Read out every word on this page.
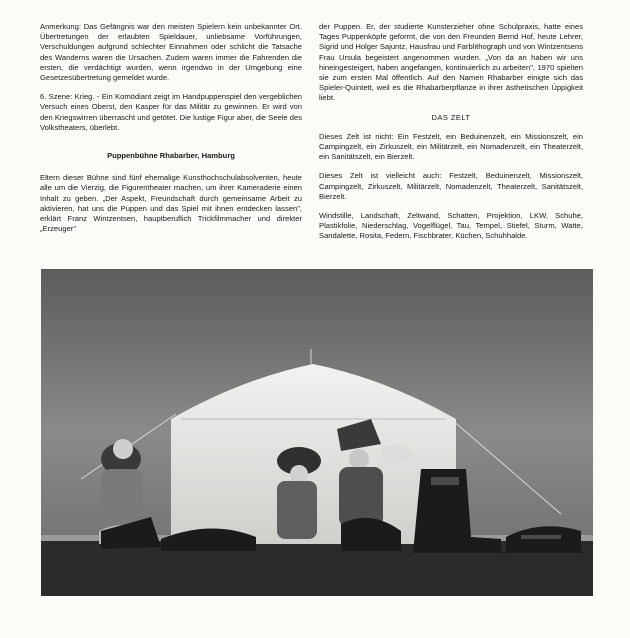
Anmerkung: Das Gefängnis war den meisten Spielern kein unbekannter Ort. Übertretungen der erlaubten Spieldauer, unliebsame Vorführungen, Verschuldungen aufgrund schlechter Einnahmen oder schlicht die Tatsache des Wanderns waren die Ursachen. Zudem waren immer die Fahrenden die ersten, die verdächtigt wurden, wenn irgendwo in der Umgebung eine Gesetzesübertretung gemeldet wurde.

6. Szene: Krieg. - Ein Komödiant zeigt im Handpuppenspiel den vergeblichen Versuch eines Oberst, den Kasper für das Militär zu gewinnen. Er wird von den Kriegswirren überrascht und getötet. Die lustige Figur aber, die Seele des Volkstheaters, überlebt.

Puppenbühne Rhabarber, Hamburg

Eltern dieser Bühne sind fünf ehemalige Kunsthochschulabsolventen, heute alle um die Vierzig, die Figurentheater machen, um ihrer Kameraderie einen Inhalt zu geben. „Der Aspekt, Freundschaft durch gemeinsame Arbeit zu aktivieren, hat uns die Puppen und das Spiel mit ihnen entdecken lassen", erklärt Franz Wintzentsen, hauptberuflich Trickfilmmacher und direkter „Erzeuger"

der Puppen. Er, der studierte Kunsterzieher ohne Schulpraxis, hatte eines Tages Puppenköpfe geformt, die von den Freunden Bernd Hof, heute Lehrer, Sigrid und Holger Sajuntz, Hausfrau und Farblithograph und von Wintzentsens Frau Ursula begeistert angenommen wurden. „Von da an haben wir uns hineingesteigert, haben angefangen, kontinuierlich zu arbeiten", 1970 spielten sie zum ersten Mal öffentlich. Auf den Namen Rhabarber einigte sich das Spieler-Quintett, weil es die Rhabarberpflanze in ihrer ästhetischen Üppigkeit liebt.

DAS ZELT

Dieses Zelt ist nicht: Ein Festzelt, ein Beduinenzelt, ein Missionszelt, ein Campingzelt, ein Zirkuszelt, ein Militärzelt, ein Nomadenzelt, ein Theaterzelt, ein Sanitätszelt, ein Bierzelt.

Dieses Zelt ist vielleicht auch: Festzelt, Beduinenzelt, Missionszelt, Campingzelt, Zirkuszelt, Militärzelt, Nomadenzelt, Theaterzelt, Sanitätszelt, Bierzelt.

Windstille, Landschaft, Zeltwand, Schatten, Projektion, LKW, Schuhe, Plastikfolie, Niederschlag, Vogelflügel, Tau, Tempel, Stiefel, Sturm, Watte, Sandalette, Rosita, Federn, Fischbrater, Küchen, Schuhhalde.
